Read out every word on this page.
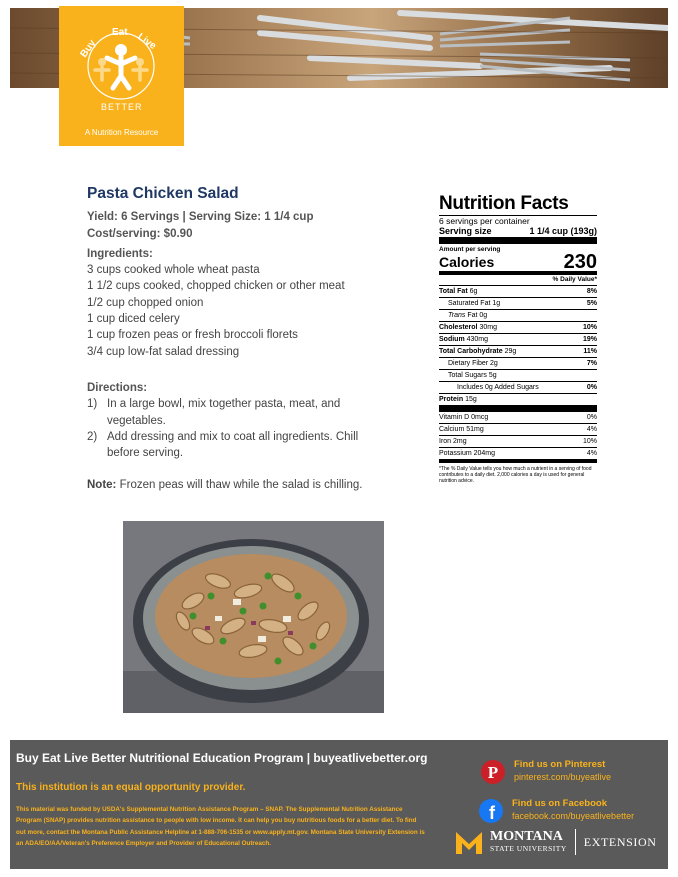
Buy
Eat Live
BETTER
A Nutrition Resource
Pasta Chicken Salad
Yield: 6 Servings | Serving Size: 1 1/4 cup
Cost/serving: $0.90
Ingredients:
3 cups cooked whole wheat pasta
1 1/2 cups cooked, chopped chicken or other meat
1/2 cup chopped onion
1 cup diced celery
1 cup frozen peas or fresh broccoli florets
3/4 cup low-fat salad dressing
Directions:
1) In a large bowl, mix together pasta, meat, and vegetables.
2) Add dressing and mix to coat all ingredients. Chill before serving.
Note: Frozen peas will thaw while the salad is chilling.
Nutrition Facts
6 servings per container
Serving size	1 1/4 cup (193g)
Amount per serving
Calories	230
% Daily Value*
Total Fat 6g	8%
Saturated Fat 1g	5%
Trans Fat 0g
Cholesterol 30mg	10%
Sodium 430mg	19%
Total Carbohydrate 29g	11%
Dietary Fiber 2g	7%
Total Sugars 5g
Includes 0g Added Sugars	0%
Protein 15g
Vitamin D 0mcg	0%
Calcium 51mg	4%
Iron 2mg	10%
Potassium 204mg	4%
*The % Daily Value tells you how much a nutrient in a serving of food contributes to a daily diet. 2,000 calories a day is used for general nutrition advice.
Buy Eat Live Better Nutritional Education Program | buyeatlivebetter.org
This institution is an equal opportunity provider.
This material was funded by USDA's Supplemental Nutrition Assistance Program – SNAP. The Supplemental Nutrition Assistance Program (SNAP) provides nutrition assistance to people with low income. It can help you buy nutritious foods for a better diet. To find out more, contact the Montana Public Assistance Helpline at 1-888-706-1535 or www.apply.mt.gov. Montana State University Extension is an ADA/EO/AA/Veteran's Preference Employer and Provider of Educational Outreach.
P Find us on Pinterest
pinterest.com/buyeatlive
f Find us on Facebook
facebook.com/buyeatlivebetter
MONTANA
STATE UNIVERSITY EXTENSION
